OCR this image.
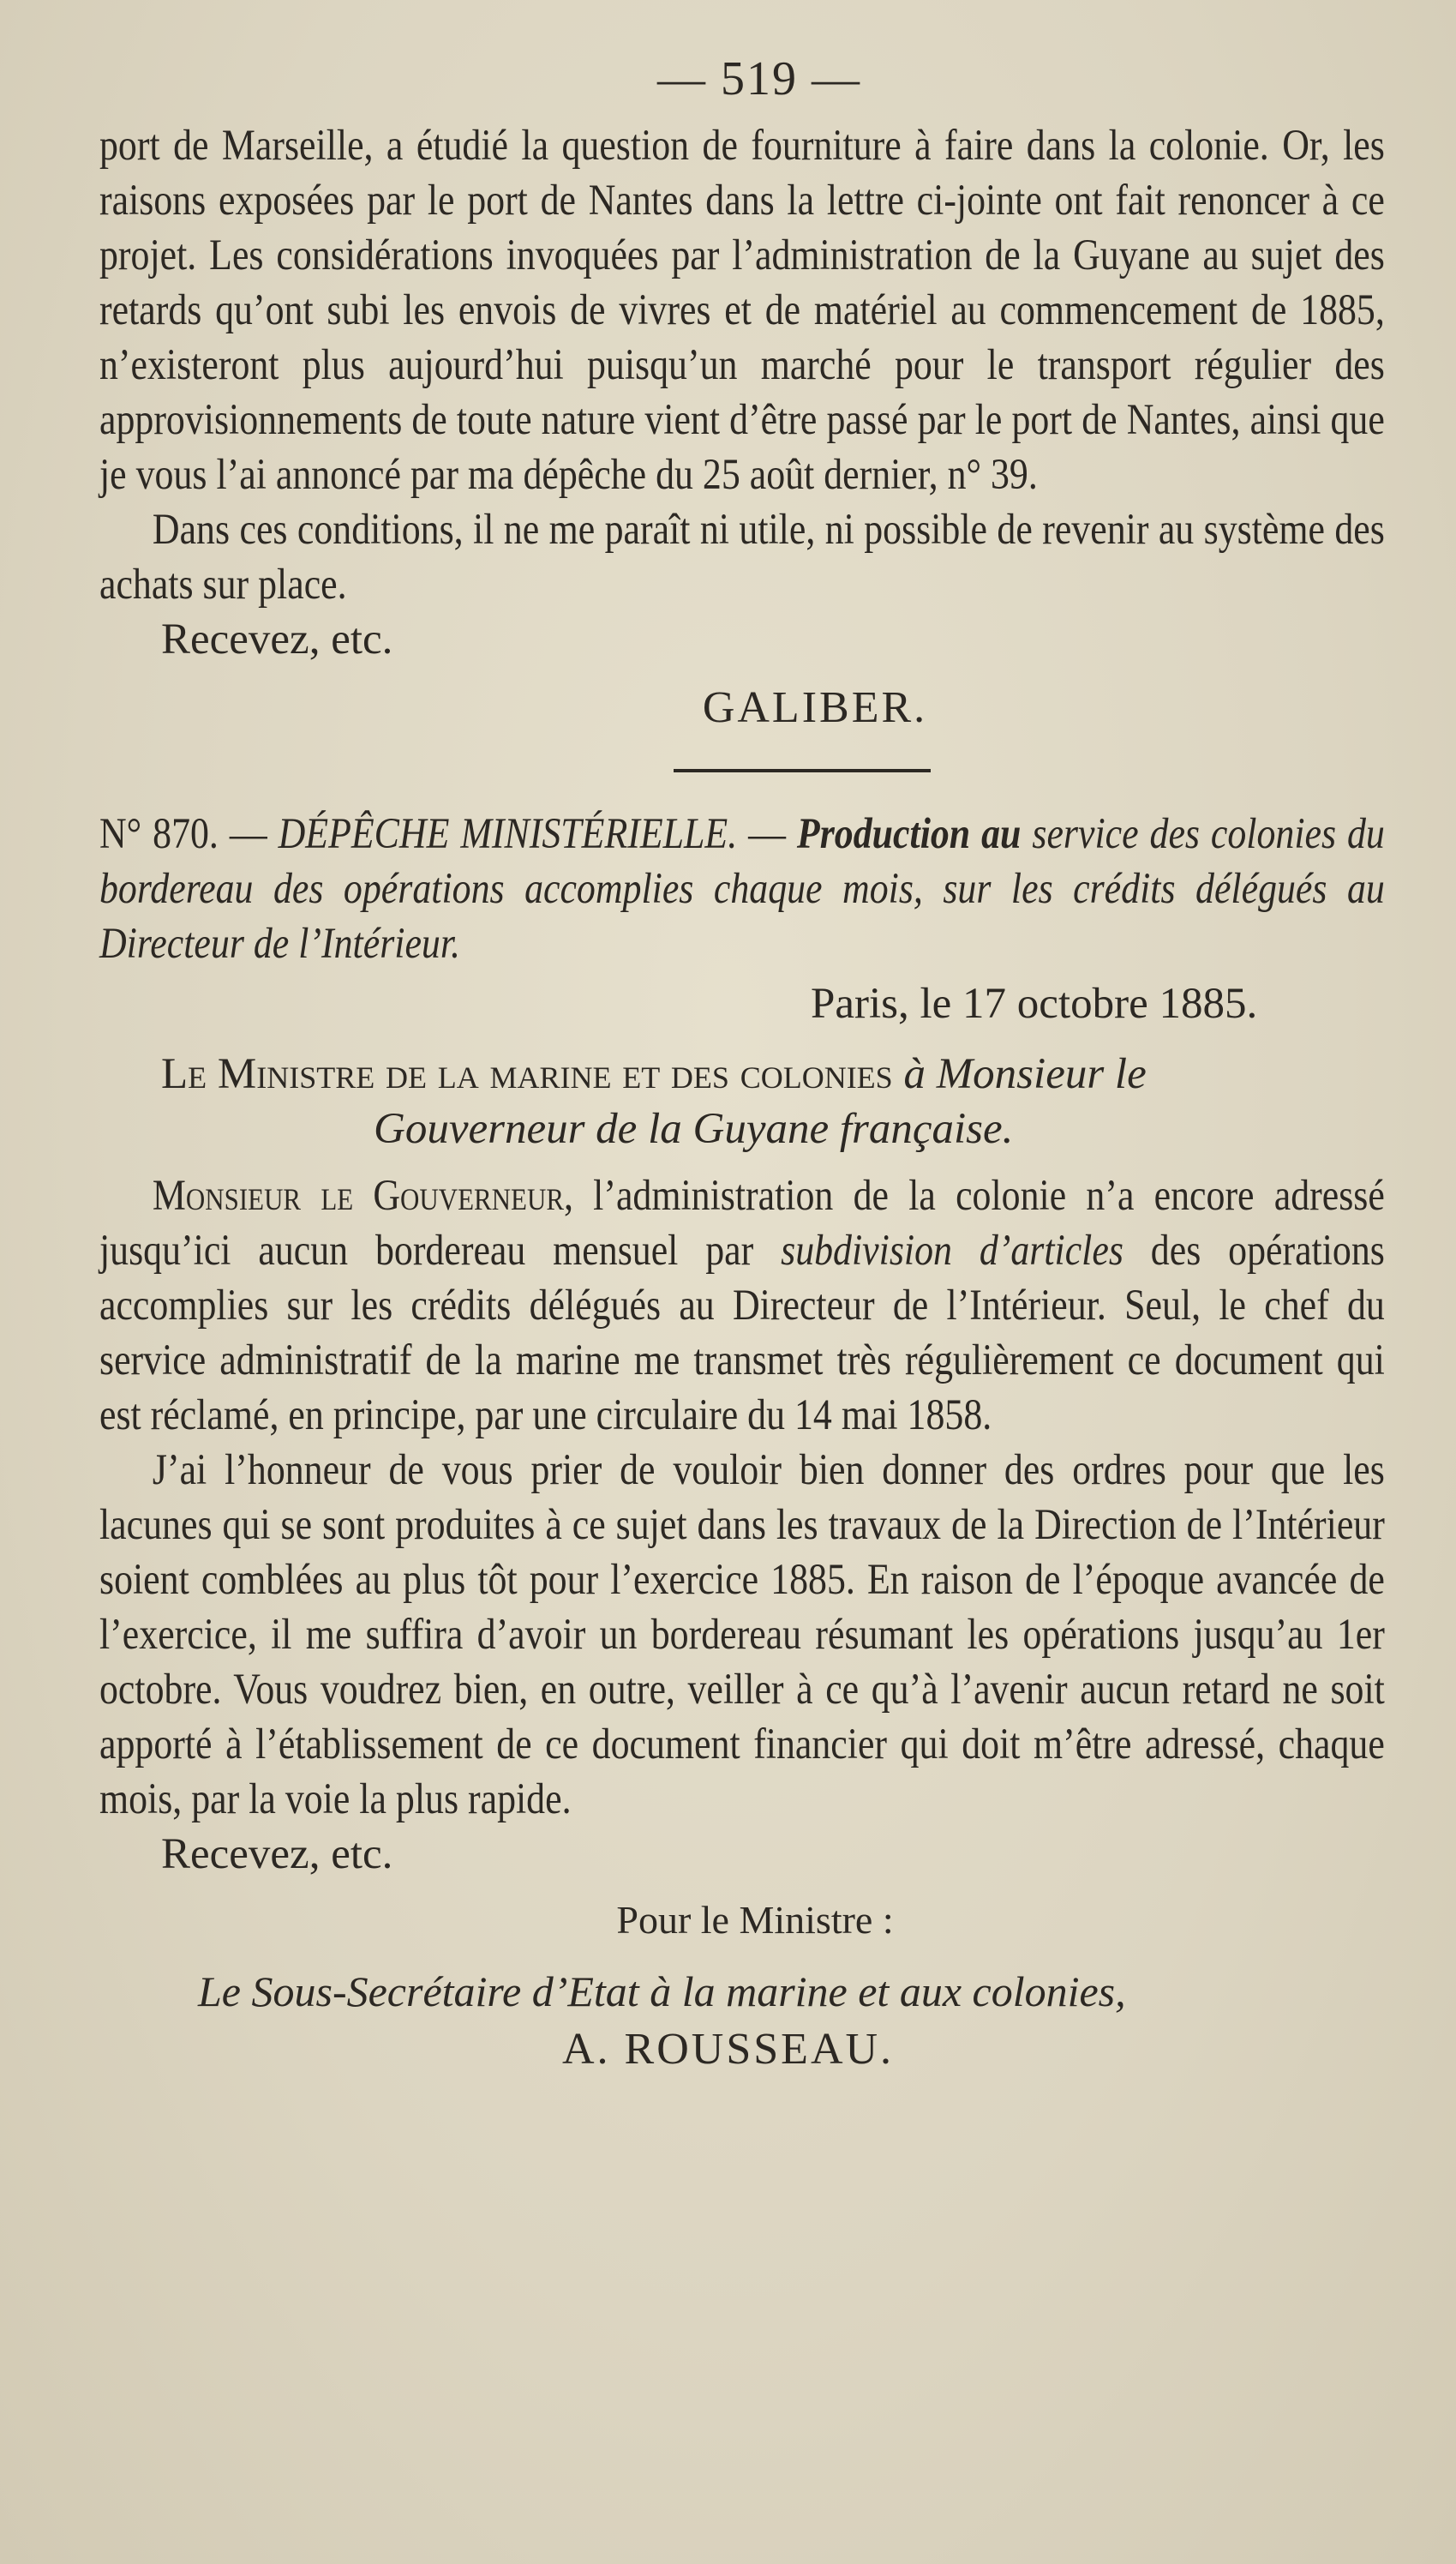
— 519 —

port de Marseille, a étudié la question de fourniture à faire dans la colonie. Or, les raisons exposées par le port de Nantes dans la lettre ci-jointe ont fait renoncer à ce projet. Les considérations invoquées par l’administration de la Guyane au sujet des retards qu’ont subi les envois de vivres et de matériel au commencement de 1885, n’existeront plus aujourd’hui puisqu’un marché pour le transport régulier des approvisionnements de toute nature vient d’être passé par le port de Nantes, ainsi que je vous l’ai annoncé par ma dépêche du 25 août dernier, n° 39.

Dans ces conditions, il ne me paraît ni utile, ni possible de revenir au système des achats sur place.

Recevez, etc.

GALIBER.

N° 870. — DÉPÊCHE MINISTÉRIELLE. — Production au service des colonies du bordereau des opérations accomplies chaque mois, sur les crédits délégués au Directeur de l’Intérieur.

Paris, le 17 octobre 1885.

Le Ministre de la marine et des colonies à Monsieur le

Gouverneur de la Guyane française.

Monsieur le Gouverneur, l’administration de la colonie n’a encore adressé jusqu’ici aucun bordereau mensuel par subdivision d’articles des opérations accomplies sur les crédits délégués au Directeur de l’Intérieur. Seul, le chef du service administratif de la marine me transmet très régulièrement ce document qui est réclamé, en principe, par une circulaire du 14 mai 1858.

J’ai l’honneur de vous prier de vouloir bien donner des ordres pour que les lacunes qui se sont produites à ce sujet dans les travaux de la Direction de l’Intérieur soient comblées au plus tôt pour l’exercice 1885. En raison de l’époque avancée de l’exercice, il me suffira d’avoir un bordereau résumant les opérations jusqu’au 1er octobre. Vous voudrez bien, en outre, veiller à ce qu’à l’avenir aucun retard ne soit apporté à l’établissement de ce document financier qui doit m’être adressé, chaque mois, par la voie la plus rapide.

Recevez, etc.

Pour le Ministre :

Le Sous-Secrétaire d’Etat à la marine et aux colonies,

A. ROUSSEAU.
